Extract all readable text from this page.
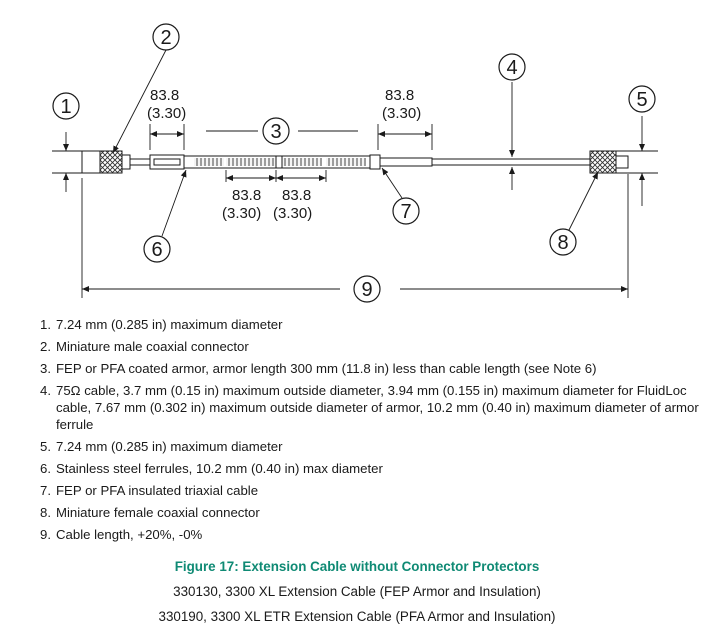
83.8
(3.30)
83.8
(3.30)
83.8
(3.30)
83.8
(3.30)
1
2
3
4
5
6
7
8
9
1. 7.24 mm (0.285 in) maximum diameter
2. Miniature male coaxial connector
3. FEP or PFA coated armor, armor length 300 mm (11.8 in) less than cable length (see Note 6)
4. 75Ω cable, 3.7 mm (0.15 in) maximum outside diameter, 3.94 mm (0.155 in) maximum diameter for FluidLoc cable, 7.67 mm (0.302 in) maximum outside diameter of armor, 10.2 mm (0.40 in) maximum diameter of armor ferrule
5. 7.24 mm (0.285 in) maximum diameter
6. Stainless steel ferrules, 10.2 mm (0.40 in) max diameter
7. FEP or PFA insulated triaxial cable
8. Miniature female coaxial connector
9. Cable length, +20%, -0%
Figure 17: Extension Cable without Connector Protectors
330130, 3300 XL Extension Cable (FEP Armor and Insulation)
330190, 3300 XL ETR Extension Cable (PFA Armor and Insulation)
